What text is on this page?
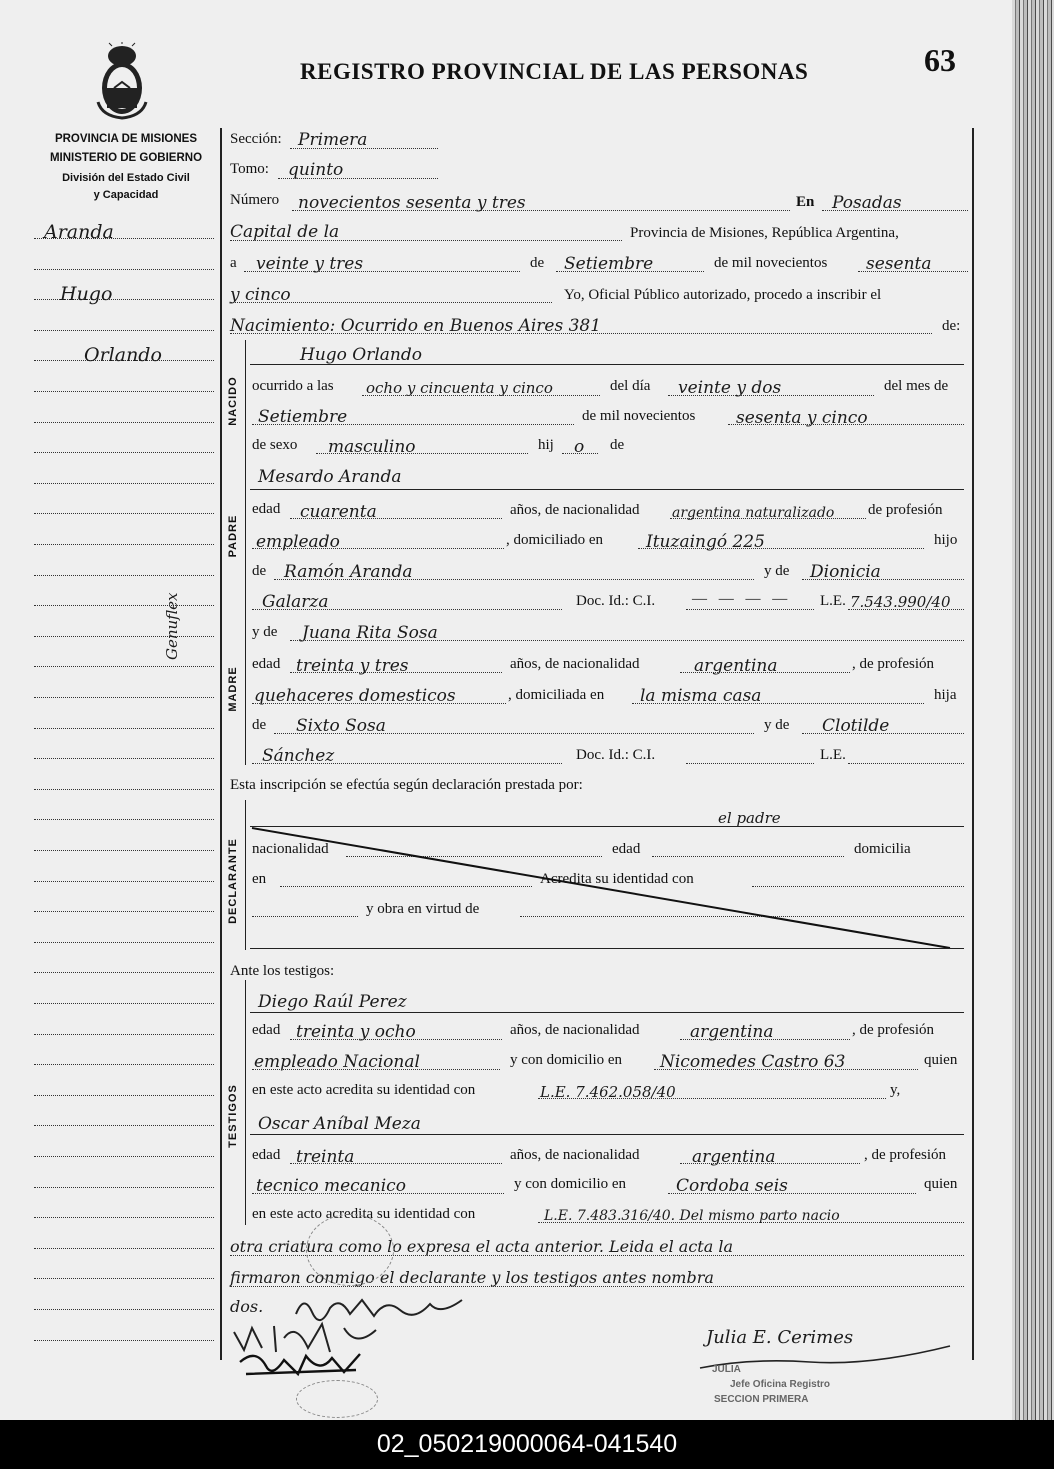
REGISTRO PROVINCIAL DE LAS PERSONAS	63
PROVINCIA DE MISIONES
MINISTERIO DE GOBIERNO
División del Estado Civil
y Capacidad
Aranda
Hugo
Orlando
Genuflex
NACIDO
PADRE
MADRE
DECLARANTE
TESTIGOS
Sección: Primera
Tomo: quinto
Número novecientos sesenta y tres	En Posadas
Capital de la	Provincia de Misiones, República Argentina,
a veinte y tres	de Setiembre	de mil novecientos sesenta
y cinco	Yo, Oficial Público autorizado, procedo a inscribir el
Nacimiento: Ocurrido en Buenos Aires 381	de:
Hugo Orlando
ocurrido a las ocho y cincuenta y cinco	del día veinte y dos	del mes de
Setiembre	de mil novecientos sesenta y cinco
de sexo masculino	hij o de
Mesardo Aranda
edad cuarenta	años, de nacionalidad argentina naturalizado de profesión
empleado	, domiciliado en	Ituzaingó 225	hijo
de Ramón Aranda	y de Dionicia
Galarza	Doc. Id.: C.I. — — — — L.E. 7.543.990/40
y de Juana Rita Sosa
edad treinta y tres	años, de nacionalidad	argentina	, de profesión
quehaceres domesticos	, domiciliada en la misma casa	hija
de Sixto Sosa	y de Clotilde
Sánchez	Doc. Id.: C.I.	L.E.
Esta inscripción se efectúa según declaración prestada por:
el padre
nacionalidad	edad	domicilia
en	Acredita su identidad con
y obra en virtud de
Ante los testigos:
Diego Raúl Perez
edad treinta y ocho	años, de nacionalidad	argentina	, de profesión
empleado Nacional	y con domicilio en Nicomedes Castro 63	quien
en este acto acredita su identidad con	L.E. 7.462.058/40	y,
Oscar Aníbal Meza
edad treinta	años, de nacionalidad	argentina	, de profesión
tecnico mecanico	y con domicilio en	Cordoba seis	quien
en este acto acredita su identidad con	L.E. 7.483.316/40. Del mismo parto nacio
otra criatura como lo expresa el acta anterior. Leida el acta la
firmaron conmigo el declarante y los testigos antes nombra
dos.
Julia E. Cerimes
JULIA
Jefe Oficina Registro
SECCION PRIMERA
02_050219000064-041540
